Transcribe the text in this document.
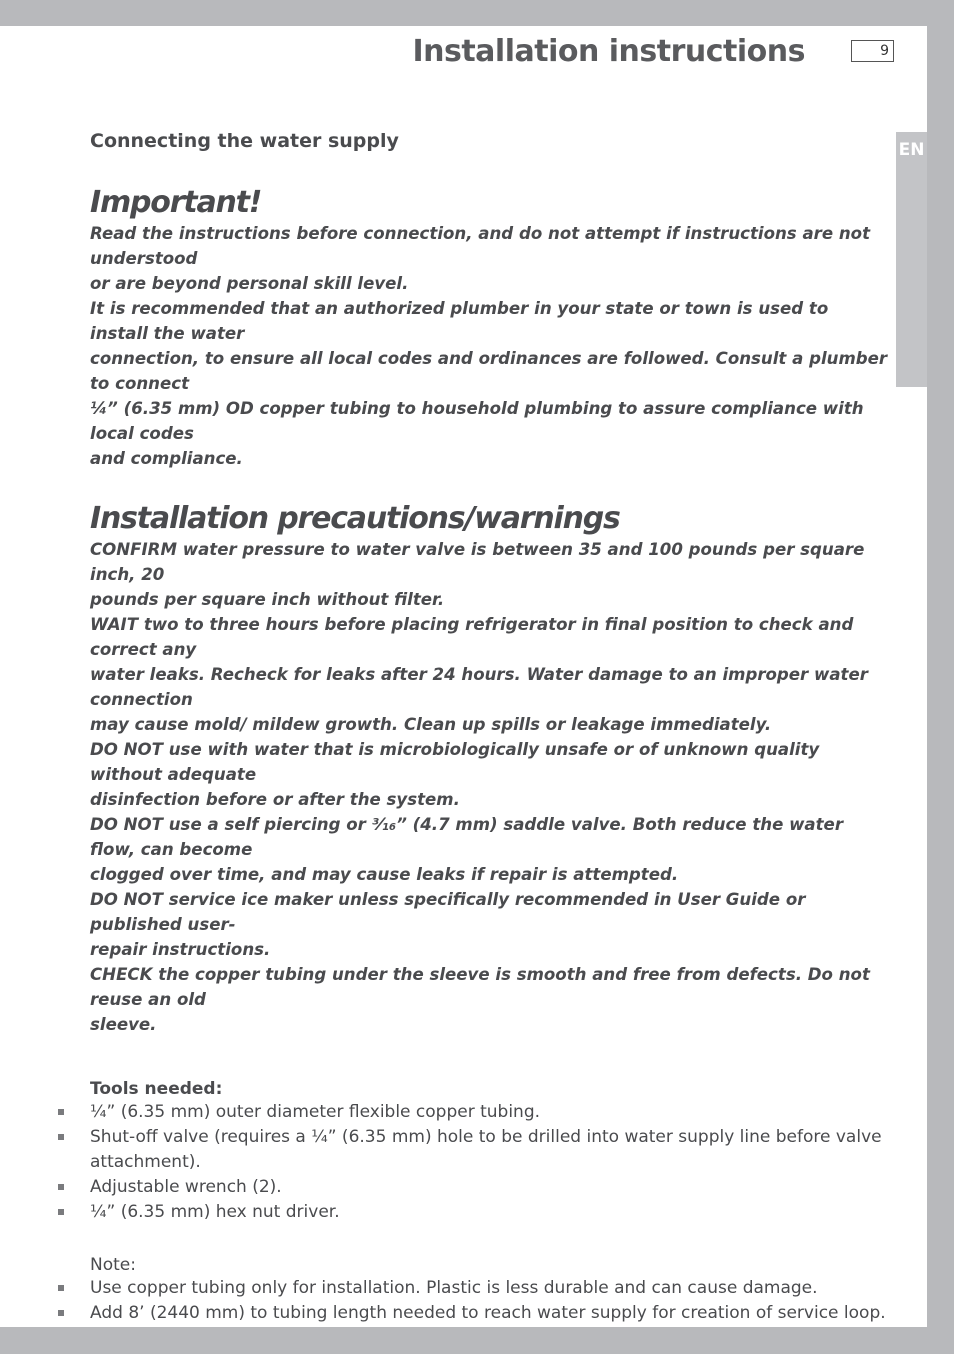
Installation instructions	9
EN

Connecting the water supply

Important!

Read the instructions before connection, and do not attempt if instructions are not understood

or are beyond personal skill level.

It is recommended that an authorized plumber in your state or town is used to install the water

connection, to ensure all local codes and ordinances are followed. Consult a plumber to connect

¼” (6.35 mm) OD copper tubing to household plumbing to assure compliance with local codes

and compliance.

Installation precautions/warnings

CONFIRM water pressure to water valve is between 35 and 100 pounds per square inch, 20

pounds per square inch without filter.

WAIT two to three hours before placing refrigerator in final position to check and correct any

water leaks. Recheck for leaks after 24 hours. Water damage to an improper water connection

may cause mold/ mildew growth. Clean up spills or leakage immediately.

DO NOT use with water that is microbiologically unsafe or of unknown quality without adequate

disinfection before or after the system.

DO NOT use a self piercing or ³⁄₁₆” (4.7 mm) saddle valve. Both reduce the water flow, can become

clogged over time, and may cause leaks if repair is attempted.

DO NOT service ice maker unless specifically recommended in User Guide or published user-

repair instructions.

CHECK the copper tubing under the sleeve is smooth and free from defects. Do not reuse an old

sleeve.

Tools needed:

¼” (6.35 mm) outer diameter flexible copper tubing.
Shut-off valve (requires a ¼” (6.35 mm) hole to be drilled into water supply line before valve attachment).
Adjustable wrench (2).
¼” (6.35 mm) hex nut driver.

Note:

Use copper tubing only for installation. Plastic is less durable and can cause damage.
Add 8’ (2440 mm) to tubing length needed to reach water supply for creation of service loop.
